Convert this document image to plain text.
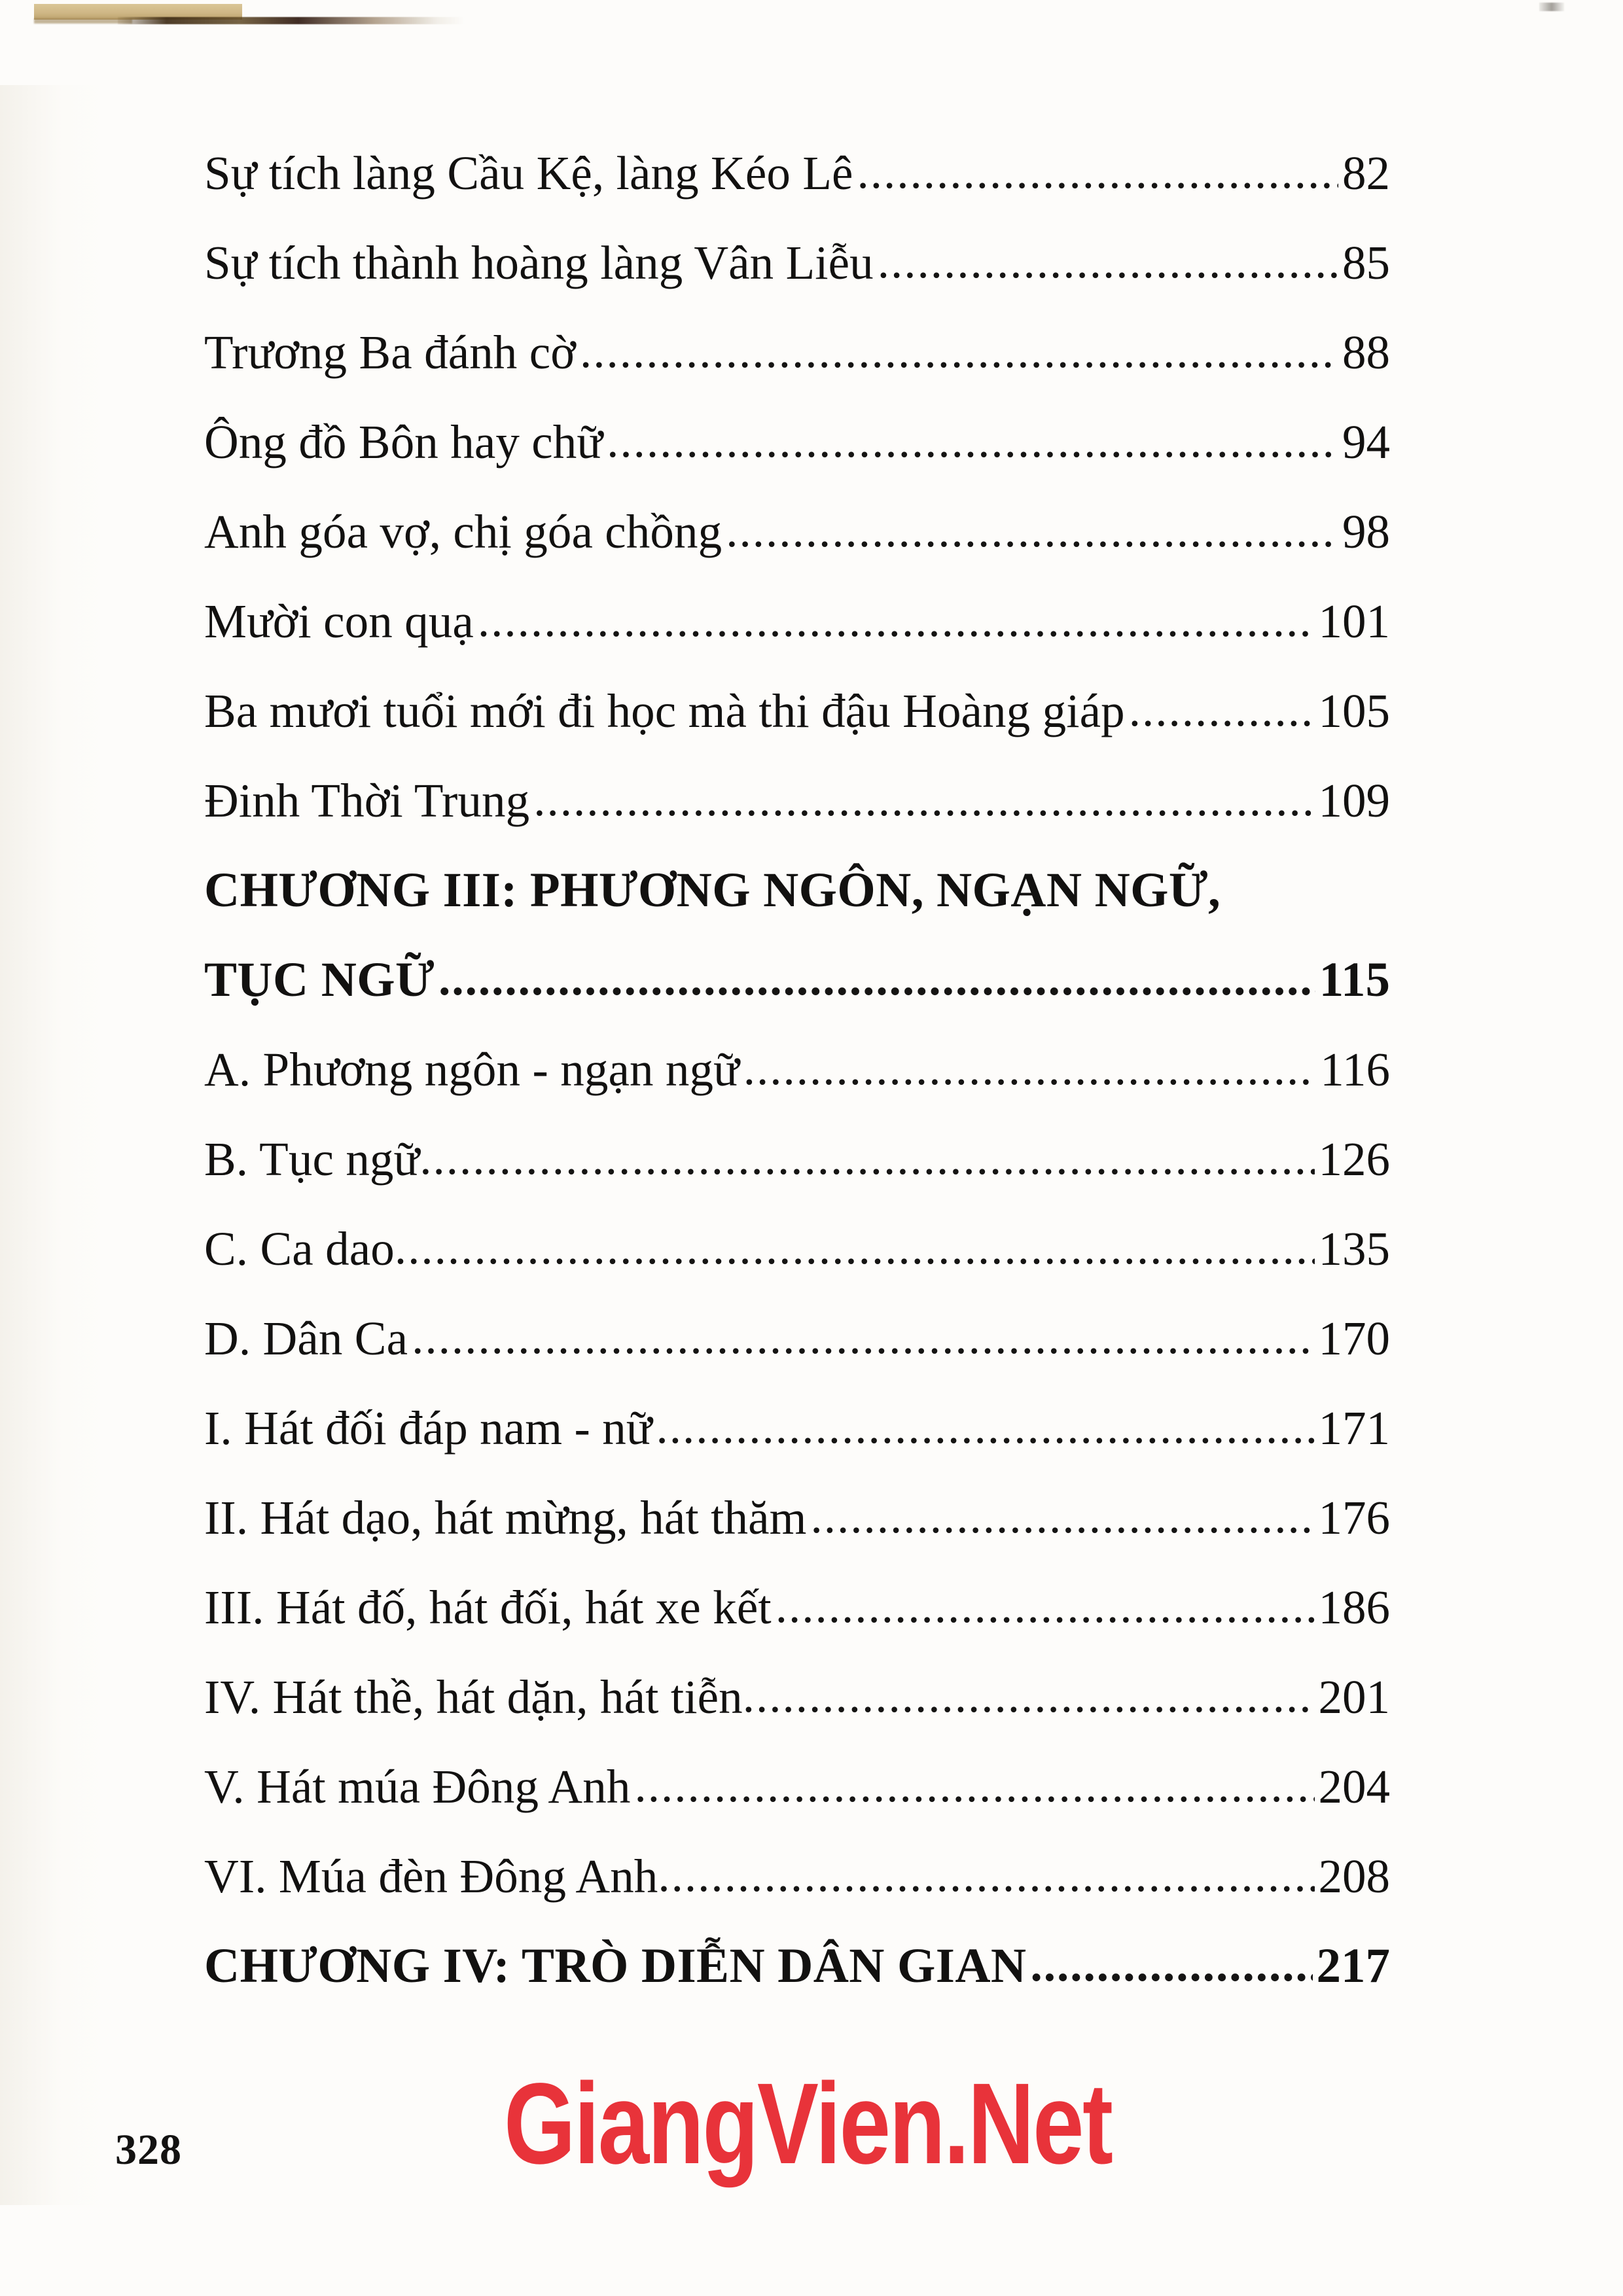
Sự tích làng Cầu Kệ, làng Kéo Lê .....	82
Sự tích thành hoàng làng Vân Liễu .....	85
Trương Ba đánh cờ .....	88
Ông đồ Bôn hay chữ .....	94
Anh góa vợ, chị góa chồng .....	98
Mười con quạ .....	101
Ba mươi tuổi mới đi học mà thi đậu Hoàng giáp .....	105
Đinh Thời Trung .....	109
CHƯƠNG III: PHƯƠNG NGÔN, NGẠN NGỮ,
TỤC NGỮ .....	115
A. Phương ngôn - ngạn ngữ .....	116
B. Tục ngữ .....	126
C. Ca dao .....	135
D. Dân Ca .....	170
I. Hát đối đáp nam - nữ .....	171
II. Hát dạo, hát mừng, hát thăm .....	176
III. Hát đố, hát đối, hát xe kết .....	186
IV. Hát thề, hát dặn, hát tiễn .....	201
V. Hát múa Đông Anh .....	204
VI. Múa đèn Đông Anh .....	208
CHƯƠNG IV: TRÒ DIỄN DÂN GIAN .....	217
328	GiangVien.Net
